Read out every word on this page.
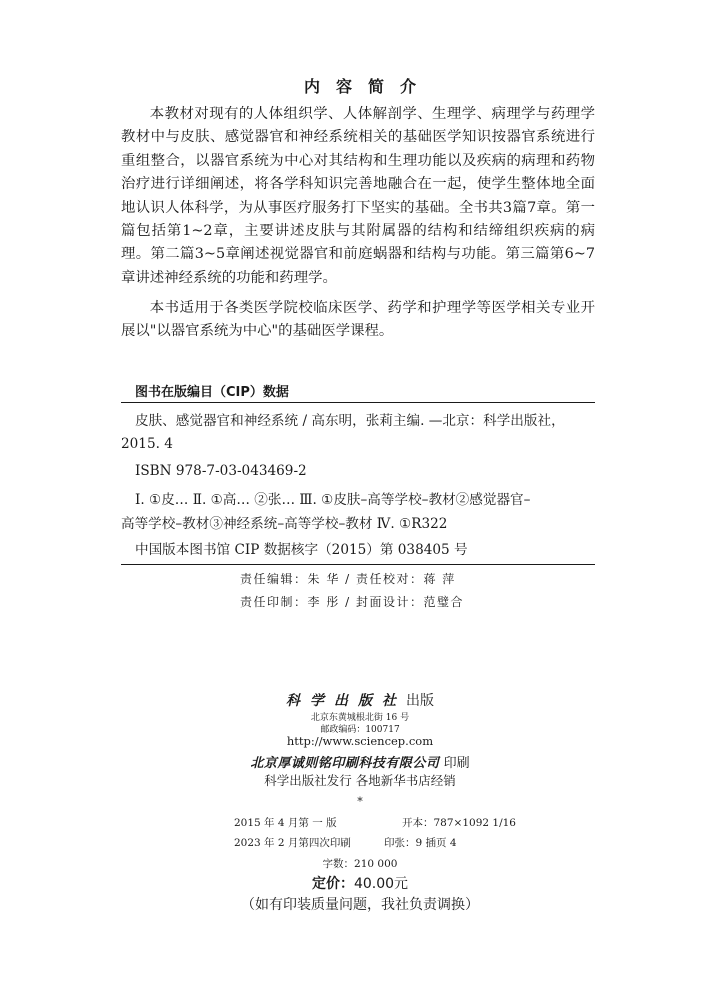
内容简介

本教材对现有的人体组织学、人体解剖学、生理学、病理学与药理学教材中与皮肤、感觉器官和神经系统相关的基础医学知识按器官系统进行重组整合，以器官系统为中心对其结构和生理功能以及疾病的病理和药物治疗进行详细阐述，将各学科知识完善地融合在一起，使学生整体地全面地认识人体科学，为从事医疗服务打下坚实的基础。全书共3篇7章。第一篇包括第1~2章，主要讲述皮肤与其附属器的结构和结缔组织疾病的病理。第二篇3~5章阐述视觉器官和前庭蜗器和结构与功能。第三篇第6~7章讲述神经系统的功能和药理学。

本书适用于各类医学院校临床医学、药学和护理学等医学相关专业开展以"以器官系统为中心"的基础医学课程。

图书在版编目（CIP）数据
皮肤、感觉器官和神经系统 / 高东明，张莉主编. —北京：科学出版社，
2015. 4
ISBN 978-7-03-043469-2
Ⅰ. ①皮… Ⅱ. ①高… ②张… Ⅲ. ①皮肤–高等学校–教材②感觉器官–
高等学校–教材③神经系统–高等学校–教材 Ⅳ. ①R322
中国版本图书馆 CIP 数据核字（2015）第 038405 号
责任编辑：朱 华 / 责任校对：蒋 萍
责任印制：李 彤 / 封面设计：范璧合
科学出版社出版
北京东黄城根北街 16 号
邮政编码：100717
http://www.sciencep.com
北京厚诚则铭印刷科技有限公司 印刷
科学出版社发行 各地新华书店经销
*
2015 年 4 月第 一 版	开本：787×1092 1/16
2023 年 2 月第四次印刷	印张：9 插页 4
字数：210 000
定价：40.00元
（如有印装质量问题，我社负责调换）
